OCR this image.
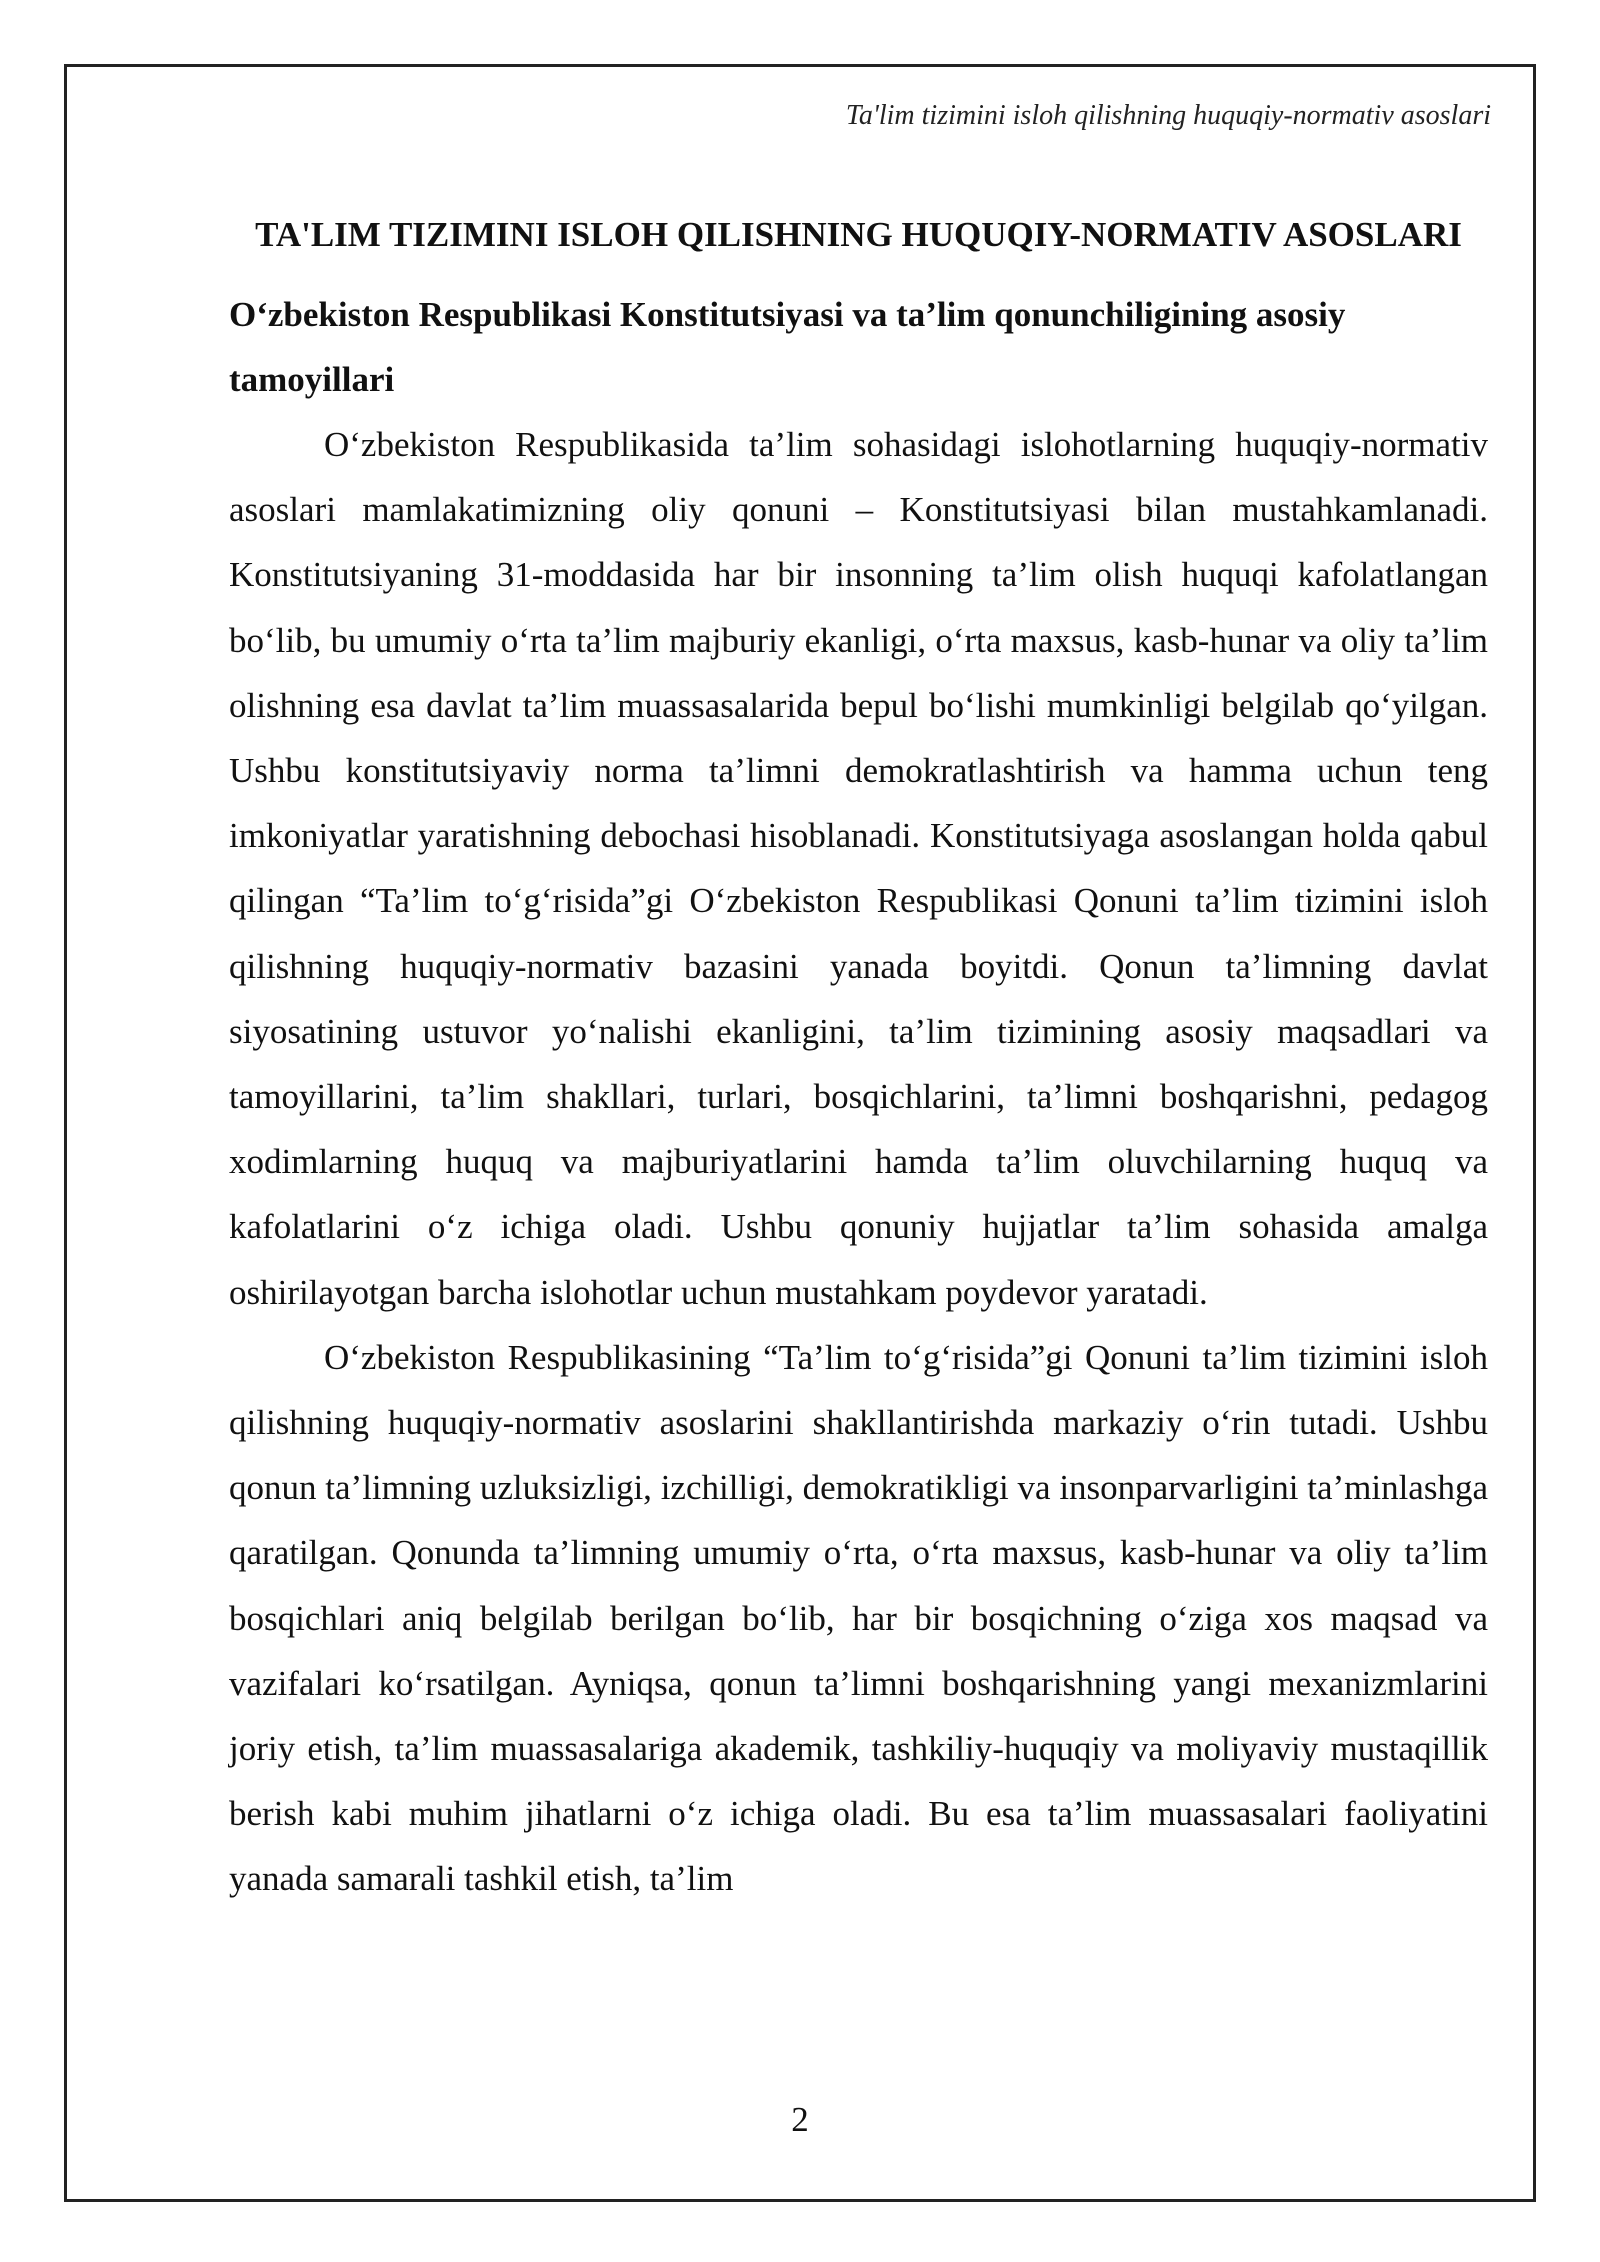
Ta'lim tizimini isloh qilishning huquqiy-normativ asoslari
TA'LIM TIZIMINI ISLOH QILISHNING HUQUQIY-NORMATIV ASOSLARI
O‘zbekiston Respublikasi Konstitutsiyasi va ta’lim qonunchiligining asosiy tamoyillari

O‘zbekiston Respublikasida ta’lim sohasidagi islohotlarning huquqiy-normativ asoslari mamlakatimizning oliy qonuni – Konstitutsiyasi bilan mustahkamlanadi. Konstitutsiyaning 31-moddasida har bir insonning ta’lim olish huquqi kafolatlangan bo‘lib, bu umumiy o‘rta ta’lim majburiy ekanligi, o‘rta maxsus, kasb-hunar va oliy ta’lim olishning esa davlat ta’lim muassasalarida bepul bo‘lishi mumkinligi belgilab qo‘yilgan. Ushbu konstitutsiyaviy norma ta’limni demokratlashtirish va hamma uchun teng imkoniyatlar yaratishning debochasi hisoblanadi. Konstitutsiyaga asoslangan holda qabul qilingan “Ta’lim to‘g‘risida”gi O‘zbekiston Respublikasi Qonuni ta’lim tizimini isloh qilishning huquqiy-normativ bazasini yanada boyitdi. Qonun ta’limning davlat siyosatining ustuvor yo‘nalishi ekanligini, ta’lim tizimining asosiy maqsadlari va tamoyillarini, ta’lim shakllari, turlari, bosqichlarini, ta’limni boshqarishni, pedagog xodimlarning huquq va majburiyatlarini hamda ta’lim oluvchilarning huquq va kafolatlarini o‘z ichiga oladi. Ushbu qonuniy hujjatlar ta’lim sohasida amalga oshirilayotgan barcha islohotlar uchun mustahkam poydevor yaratadi.

O‘zbekiston Respublikasining “Ta’lim to‘g‘risida”gi Qonuni ta’lim tizimini isloh qilishning huquqiy-normativ asoslarini shakllantirishda markaziy o‘rin tutadi. Ushbu qonun ta’limning uzluksizligi, izchilligi, demokratikligi va insonparvarligini ta’minlashga qaratilgan. Qonunda ta’limning umumiy o‘rta, o‘rta maxsus, kasb-hunar va oliy ta’lim bosqichlari aniq belgilab berilgan bo‘lib, har bir bosqichning o‘ziga xos maqsad va vazifalari ko‘rsatilgan. Ayniqsa, qonun ta’limni boshqarishning yangi mexanizmlarini joriy etish, ta’lim muassasalariga akademik, tashkiliy-huquqiy va moliyaviy mustaqillik berish kabi muhim jihatlarni o‘z ichiga oladi. Bu esa ta’lim muassasalari faoliyatini yanada samarali tashkil etish, ta’lim

2
